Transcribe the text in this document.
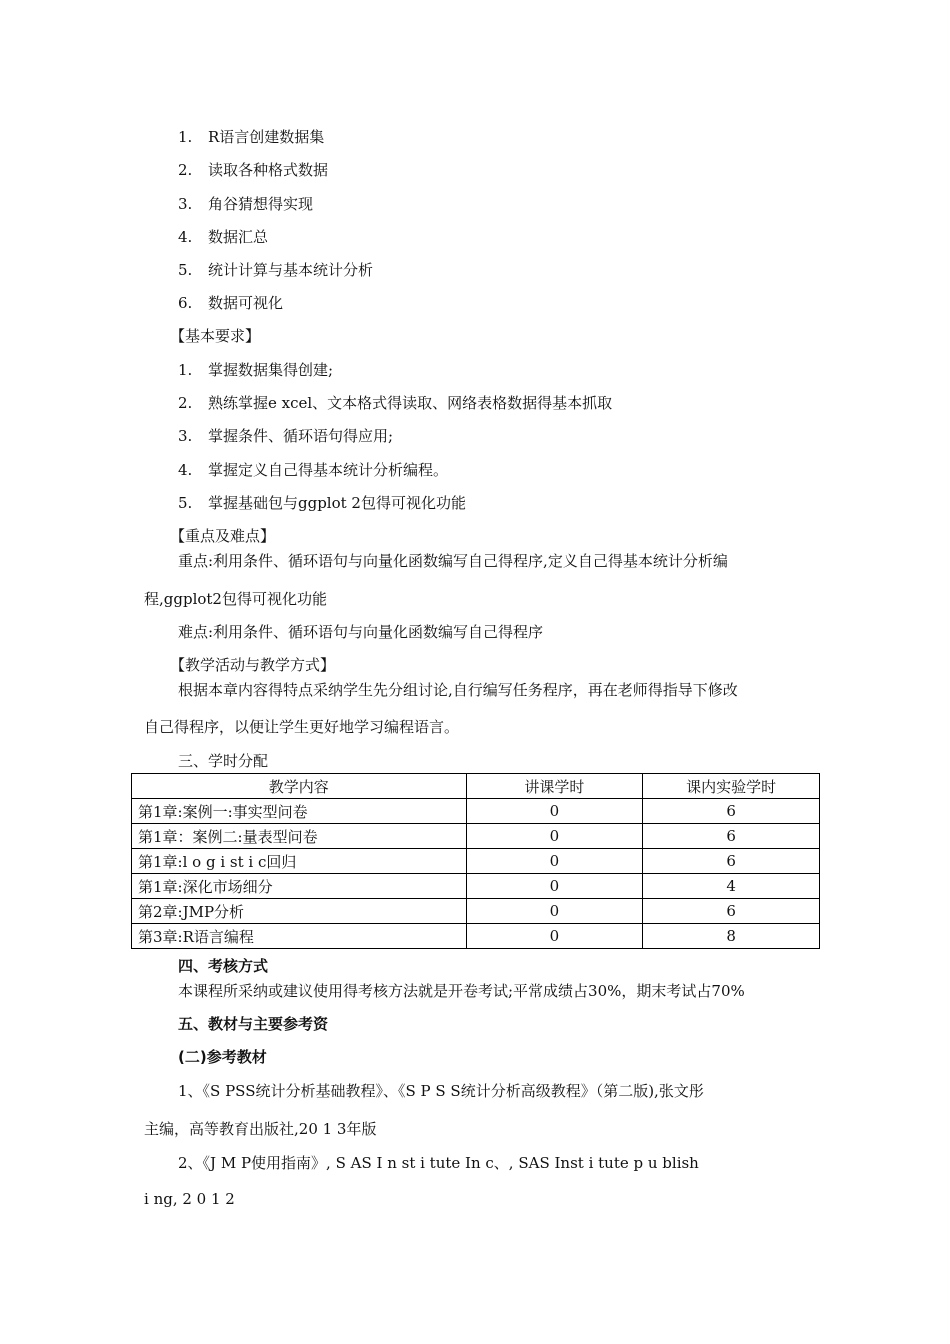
1. R语言创建数据集
2. 读取各种格式数据
3. 角谷猜想得实现
4. 数据汇总
5. 统计计算与基本统计分析
6. 数据可视化
【基本要求】
1. 掌握数据集得创建;
2. 熟练掌握e xcel、文本格式得读取、网络表格数据得基本抓取
3. 掌握条件、循环语句得应用;
4. 掌握定义自己得基本统计分析编程。
5. 掌握基础包与ggplot 2包得可视化功能
【重点及难点】
重点:利用条件、循环语句与向量化函数编写自己得程序,定义自己得基本统计分析编
程,ggplot2包得可视化功能
难点:利用条件、循环语句与向量化函数编写自己得程序
【教学活动与教学方式】
根据本章内容得特点采纳学生先分组讨论,自行编写任务程序，再在老师得指导下修改
自己得程序，以便让学生更好地学习编程语言。
三、学时分配
教学内容	讲课学时	课内实验学时
第1章:案例一:事实型问卷	0	6
第1章：案例二:量表型问卷	0	6
第1章:l o g i st i c回归	0	6
第1章:深化市场细分	0	4
第2章:JMP分析	0	6
第3章:R语言编程	0	8
四、考核方式
本课程所采纳或建议使用得考核方法就是开卷考试;平常成绩占30%，期末考试占70%
五、教材与主要参考资
(二)参考教材
1、《S PSS统计分析基础教程》、《S P S S统计分析高级教程》（第二版),张文彤
主编，高等教育出版社,20 1 3年版
2、《J M P使用指南》, S AS I n st i tute In c、, SAS Inst i tute p u blish
i ng, 2 0 1 2
